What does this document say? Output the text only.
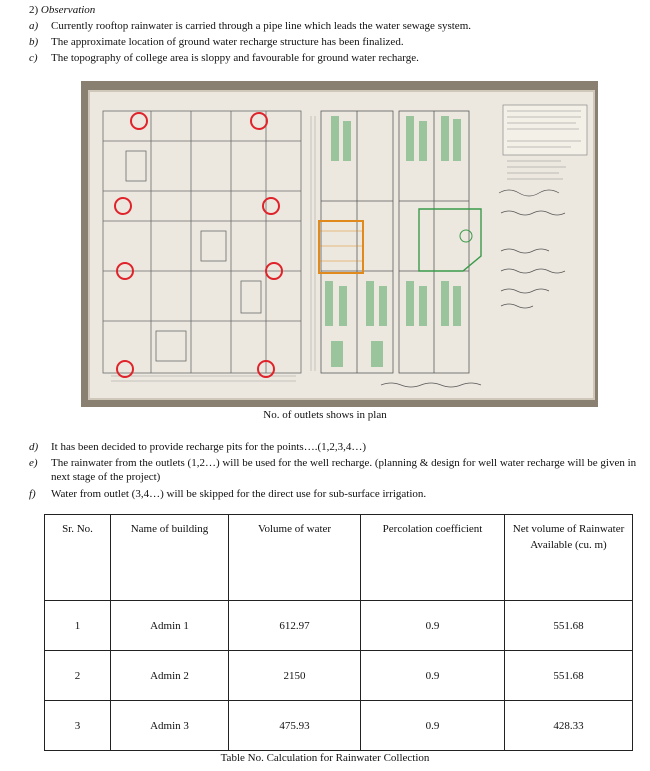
2) Observation
a) Currently rooftop rainwater is carried through a pipe line which leads the water sewage system.
b) The approximate location of ground water recharge structure has been finalized.
c) The topography of college area is sloppy and favourable for ground water recharge.
No. of outlets shows in plan
d) It has been decided to provide recharge pits for the points….(1,2,3,4…)
e) The rainwater from the outlets (1,2…) will be used for the well recharge. (planning & design for well water recharge will be given in next stage of the project)
f) Water from outlet (3,4…) will be skipped for the direct use for sub-surface irrigation.
Sr. No.	Name of building	Volume of water	Percolation coefficient	Net volume of Rainwater Available (cu. m)
1	Admin 1	612.97	0.9	551.68
2	Admin 2	2150	0.9	551.68
3	Admin 3	475.93	0.9	428.33
Table No. Calculation for Rainwater Collection
